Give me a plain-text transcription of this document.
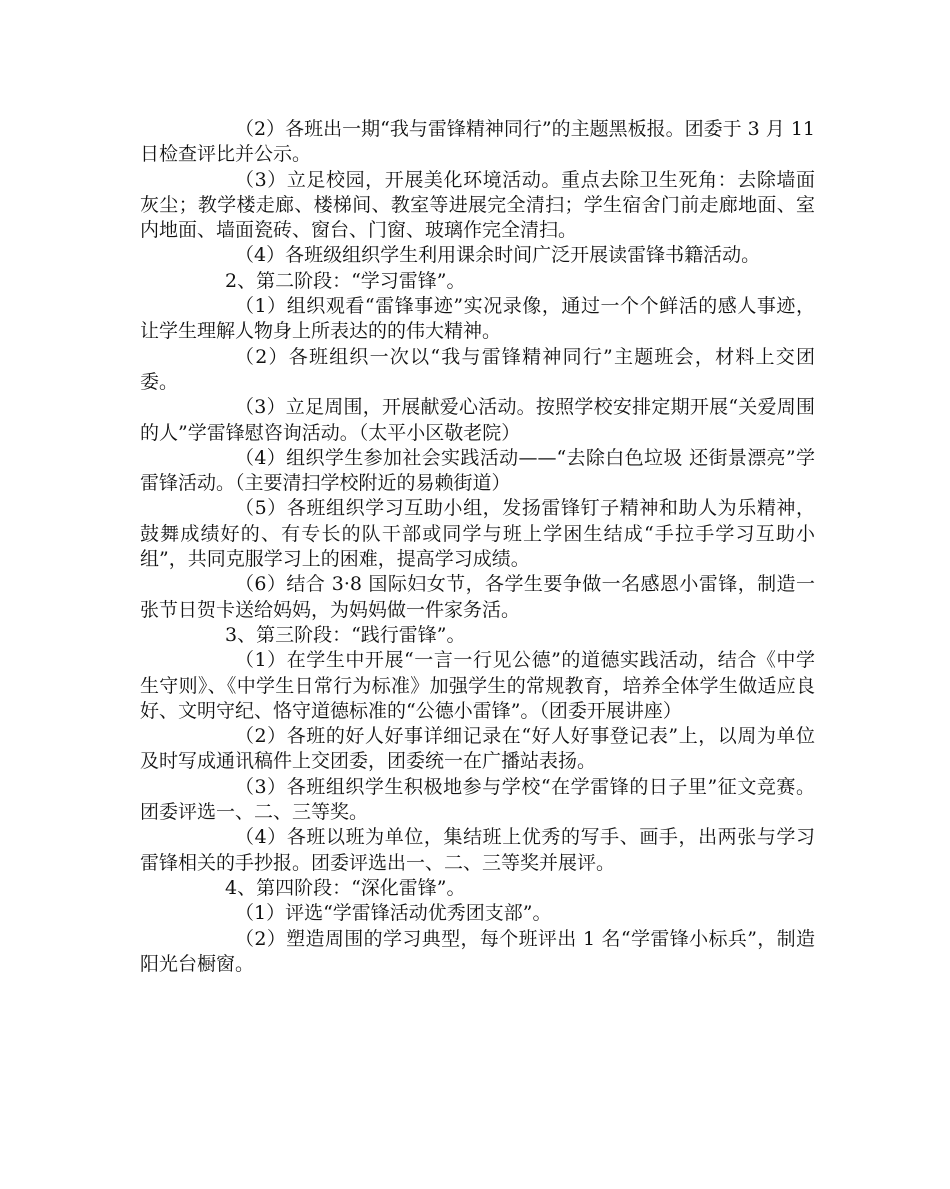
（2）各班出一期“我与雷锋精神同行”的主题黑板报。团委于 3 月 11 日检查评比并公示。

（3）立足校园，开展美化环境活动。重点去除卫生死角：去除墙面灰尘；教学楼走廊、楼梯间、教室等进展完全清扫；学生宿舍门前走廊地面、室内地面、墙面瓷砖、窗台、门窗、玻璃作完全清扫。

（4）各班级组织学生利用课余时间广泛开展读雷锋书籍活动。

2、第二阶段：“学习雷锋”。

（1）组织观看“雷锋事迹”实况录像，通过一个个鲜活的感人事迹，让学生理解人物身上所表达的的伟大精神。

（2）各班组织一次以“我与雷锋精神同行”主题班会，材料上交团委。

（3）立足周围，开展献爱心活动。按照学校安排定期开展“关爱周围的人”学雷锋慰咨询活动。（太平小区敬老院）

（4）组织学生参加社会实践活动——“去除白色垃圾 还街景漂亮”学雷锋活动。（主要清扫学校附近的易赖街道）

（5）各班组织学习互助小组，发扬雷锋钉子精神和助人为乐精神，鼓舞成绩好的、有专长的队干部或同学与班上学困生结成“手拉手学习互助小组”，共同克服学习上的困难，提高学习成绩。

（6）结合 3·8 国际妇女节，各学生要争做一名感恩小雷锋，制造一张节日贺卡送给妈妈，为妈妈做一件家务活。

3、第三阶段：“践行雷锋”。

（1）在学生中开展“一言一行见公德”的道德实践活动，结合《中学生守则》、《中学生日常行为标准》加强学生的常规教育，培养全体学生做适应良好、文明守纪、恪守道德标准的“公德小雷锋”。（团委开展讲座）

（2）各班的好人好事详细记录在“好人好事登记表”上，以周为单位及时写成通讯稿件上交团委，团委统一在广播站表扬。

（3）各班组织学生积极地参与学校“在学雷锋的日子里”征文竞赛。团委评选一、二、三等奖。

（4）各班以班为单位，集结班上优秀的写手、画手，出两张与学习雷锋相关的手抄报。团委评选出一、二、三等奖并展评。

4、第四阶段：“深化雷锋”。

（1）评选“学雷锋活动优秀团支部”。

（2）塑造周围的学习典型，每个班评出 1 名“学雷锋小标兵”，制造阳光台橱窗。
